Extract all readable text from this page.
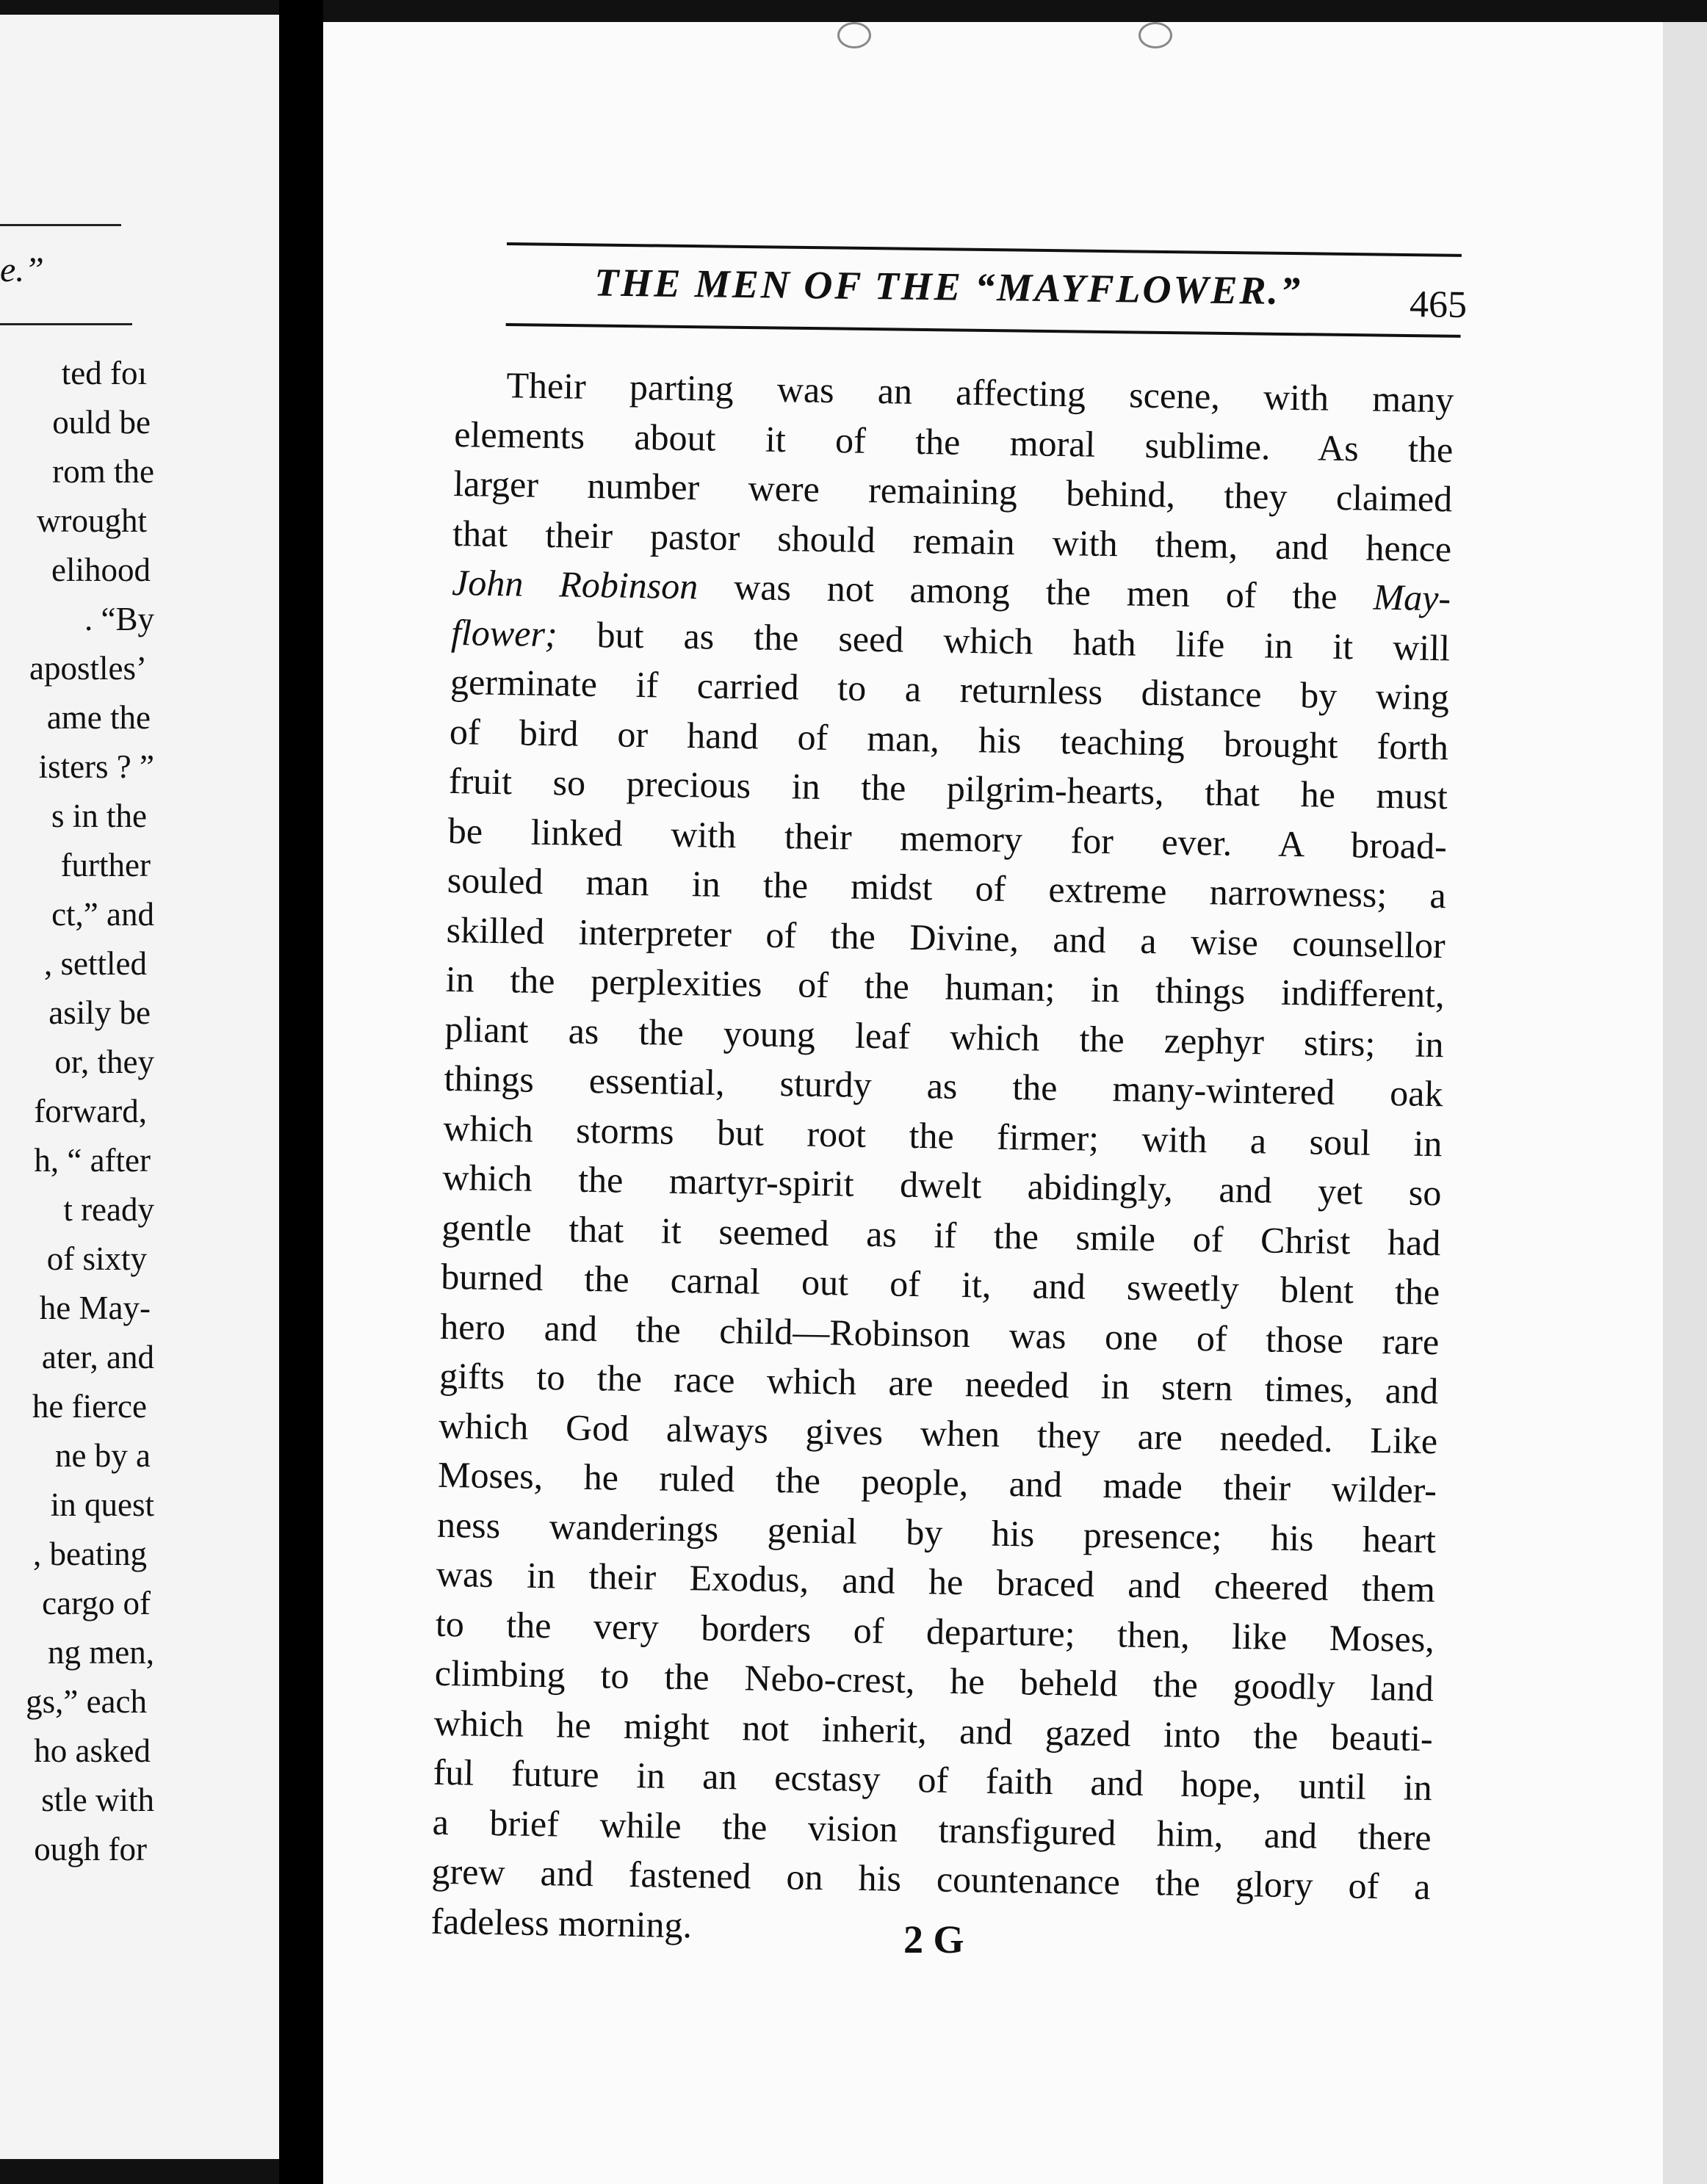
e.”
ted foı
ould be
rom the
wrought
elihood
. “By
apostles’
ame the
isters ? ”
s in the
further
ct,” and
, settled
asily be
or, they
forward,
h, “ after
t ready
of sixty
he May-
ater, and
he fierce
ne by a
in quest
, beating
cargo of
ng men,
gs,” each
ho asked
stle with
ough for
THE MEN OF THE “MAYFLOWER.”	465
Their parting was an affecting scene, with many
elements about it of the moral sublime. As the
larger number were remaining behind, they claimed
that their pastor should remain with them, and hence
John Robinson was not among the men of the May-
flower; but as the seed which hath life in it will
germinate if carried to a returnless distance by wing
of bird or hand of man, his teaching brought forth
fruit so precious in the pilgrim-hearts, that he must
be linked with their memory for ever. A broad-
souled man in the midst of extreme narrowness; a
skilled interpreter of the Divine, and a wise counsellor
in the perplexities of the human; in things indifferent,
pliant as the young leaf which the zephyr stirs; in
things essential, sturdy as the many-wintered oak
which storms but root the firmer; with a soul in
which the martyr-spirit dwelt abidingly, and yet so
gentle that it seemed as if the smile of Christ had
burned the carnal out of it, and sweetly blent the
hero and the child—Robinson was one of those rare
gifts to the race which are needed in stern times, and
which God always gives when they are needed. Like
Moses, he ruled the people, and made their wilder-
ness wanderings genial by his presence; his heart
was in their Exodus, and he braced and cheered them
to the very borders of departure; then, like Moses,
climbing to the Nebo-crest, he beheld the goodly land
which he might not inherit, and gazed into the beauti-
ful future in an ecstasy of faith and hope, until in
a brief while the vision transfigured him, and there
grew and fastened on his countenance the glory of a
fadeless morning.	2 G
